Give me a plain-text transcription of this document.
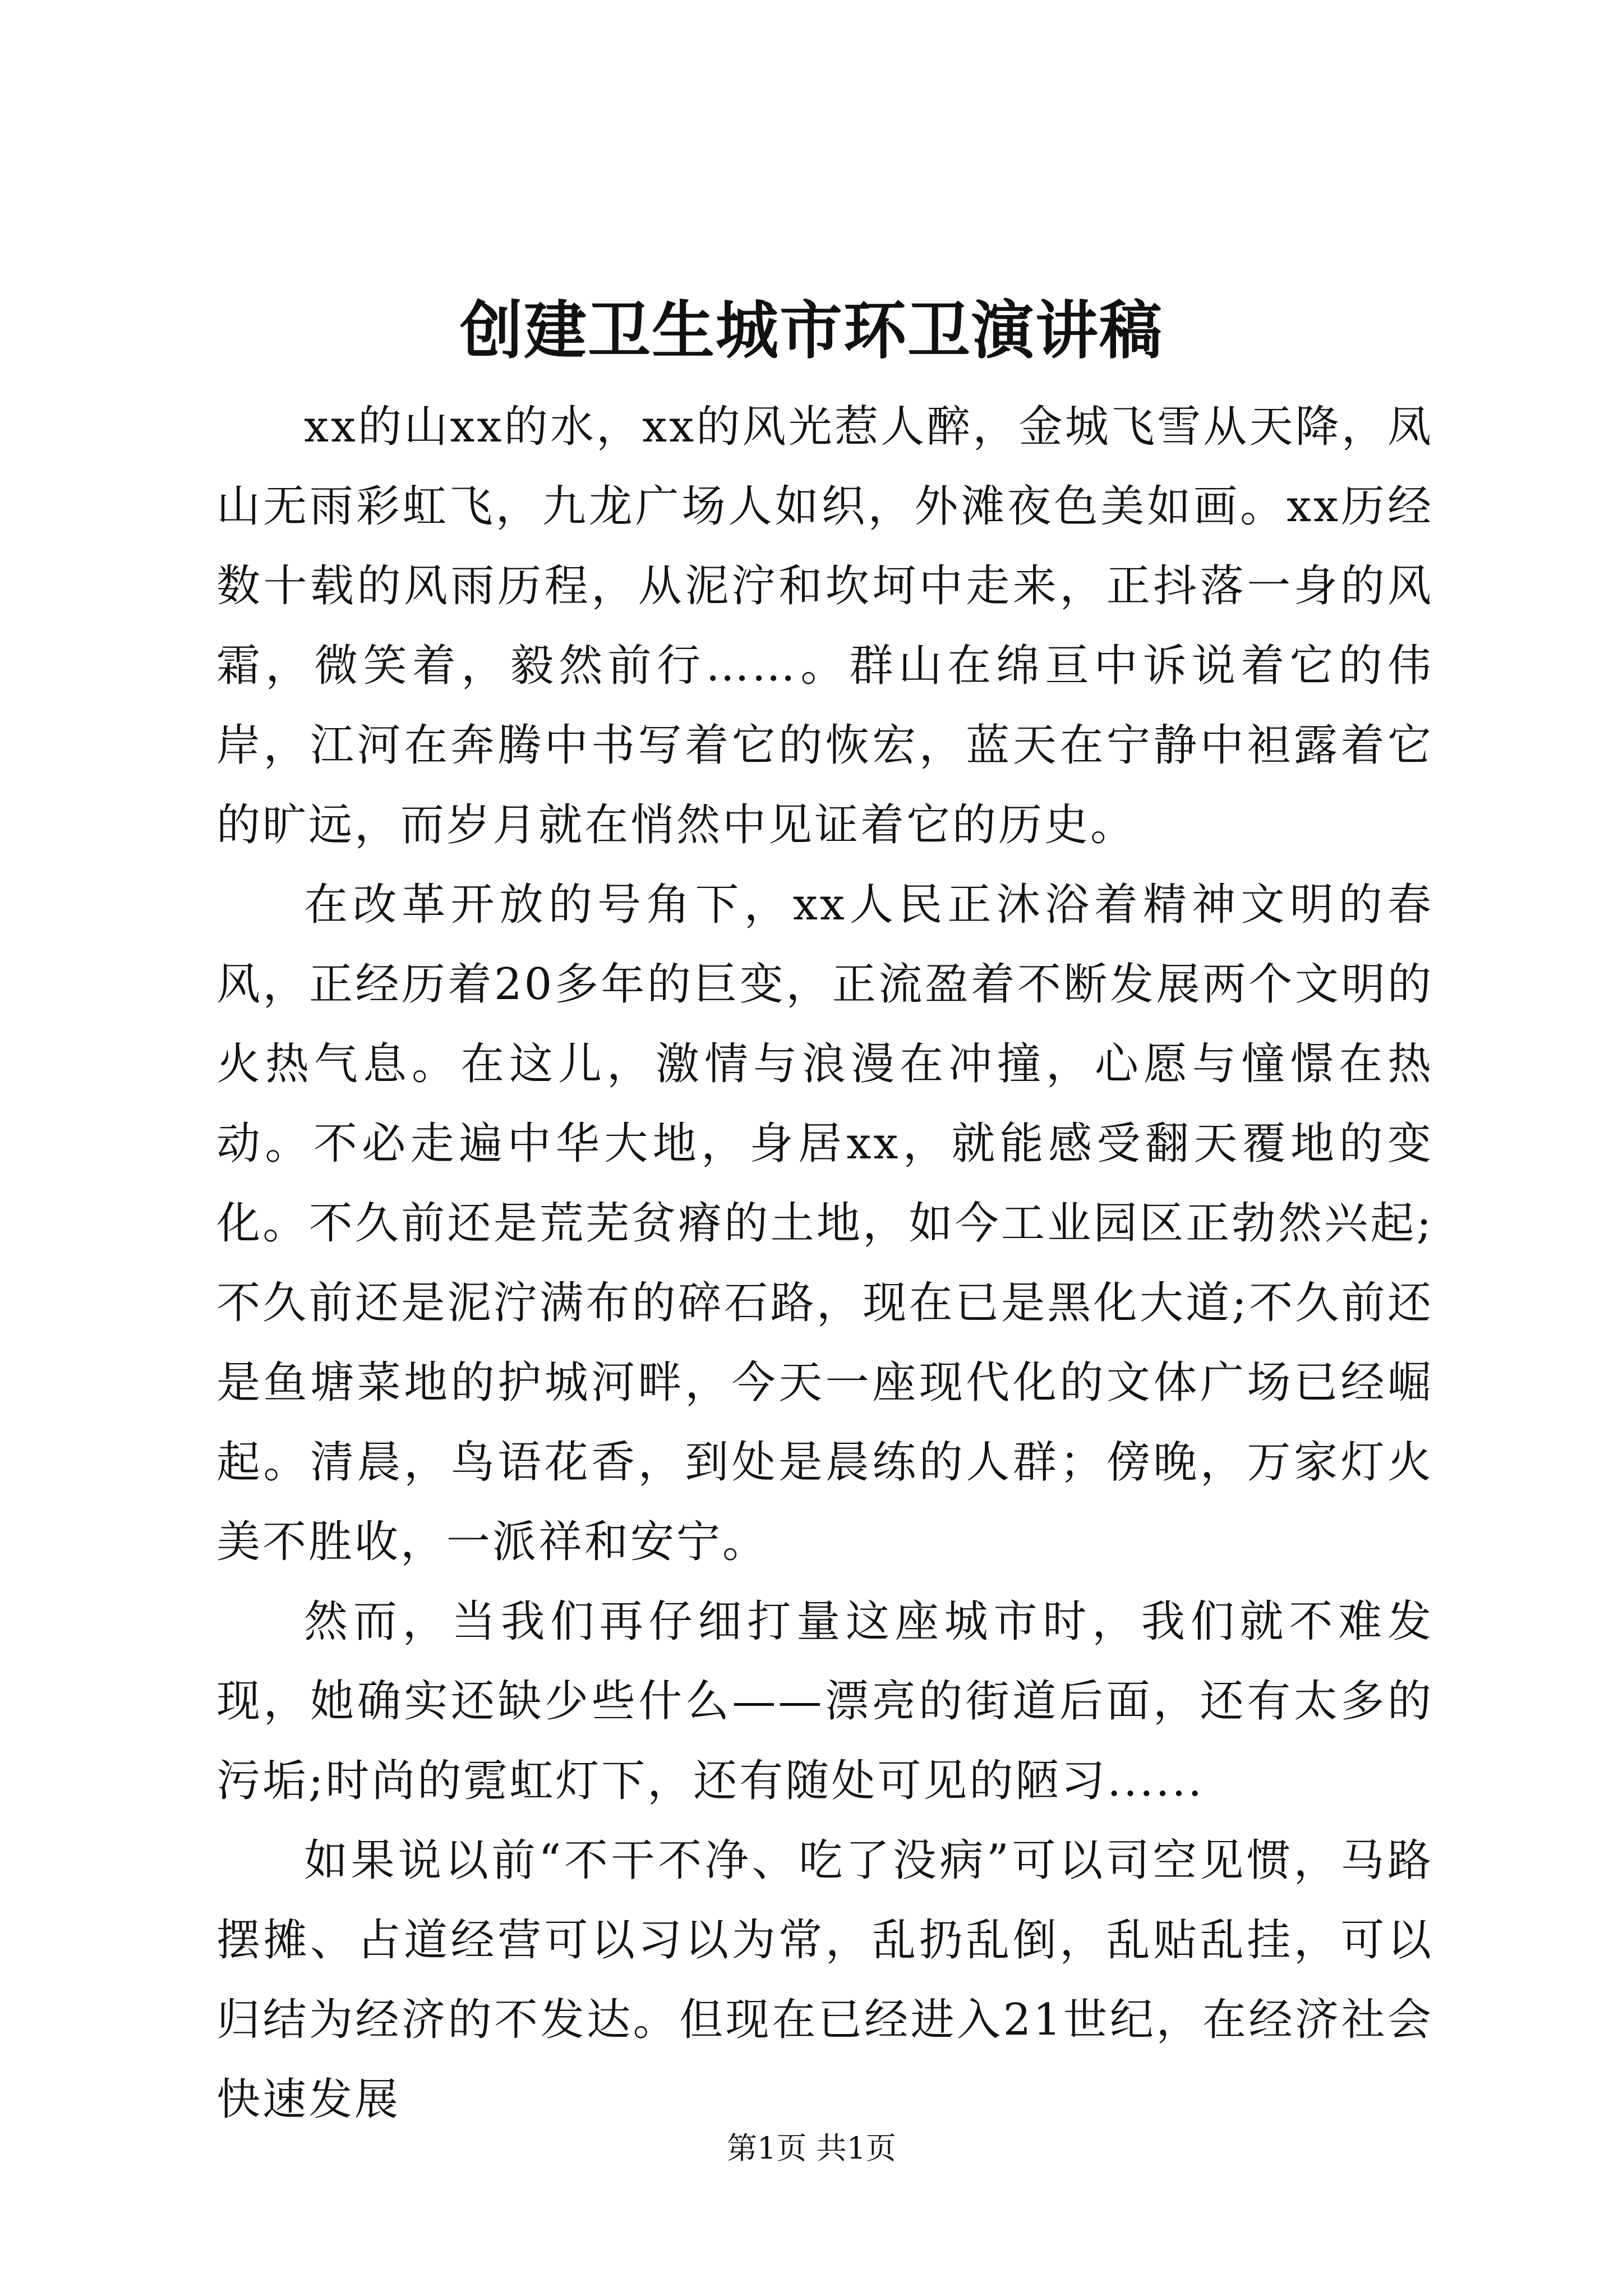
创建卫生城市环卫演讲稿

xx的山xx的水，xx的风光惹人醉，金城飞雪从天降，凤山无雨彩虹飞，九龙广场人如织，外滩夜色美如画。xx历经数十载的风雨历程，从泥泞和坎坷中走来，正抖落一身的风霜，微笑着，毅然前行……。群山在绵亘中诉说着它的伟岸，江河在奔腾中书写着它的恢宏，蓝天在宁静中袒露着它的旷远，而岁月就在悄然中见证着它的历史。

在改革开放的号角下，xx人民正沐浴着精神文明的春风，正经历着20多年的巨变，正流盈着不断发展两个文明的火热气息。在这儿，激情与浪漫在冲撞，心愿与憧憬在热动。不必走遍中华大地，身居xx，就能感受翻天覆地的变化。不久前还是荒芜贫瘠的土地，如今工业园区正勃然兴起;不久前还是泥泞满布的碎石路，现在已是黑化大道;不久前还是鱼塘菜地的护城河畔，今天一座现代化的文体广场已经崛起。清晨，鸟语花香，到处是晨练的人群；傍晚，万家灯火美不胜收，一派祥和安宁。

然而，当我们再仔细打量这座城市时，我们就不难发现，她确实还缺少些什么——漂亮的街道后面，还有太多的污垢;时尚的霓虹灯下，还有随处可见的陋习......

如果说以前“不干不净、吃了没病”可以司空见惯，马路摆摊、占道经营可以习以为常，乱扔乱倒，乱贴乱挂，可以归结为经济的不发达。但现在已经进入21世纪，在经济社会快速发展

第1页 共1页
